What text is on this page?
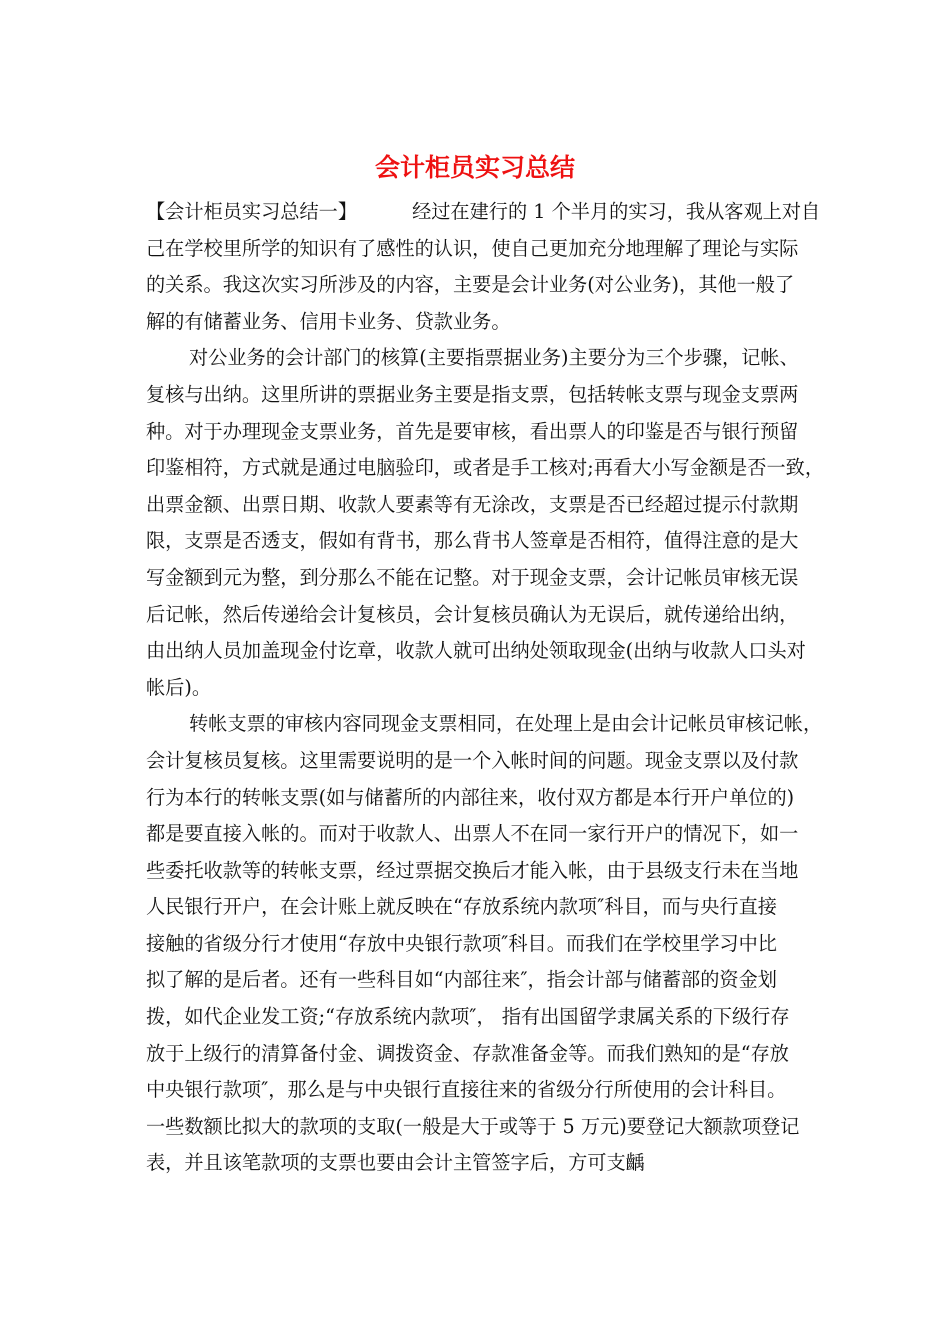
会计柜员实习总结
【会计柜员实习总结一】	经过在建行的 1 个半月的实习，我从客观上对自
己在学校里所学的知识有了感性的认识，使自己更加充分地理解了理论与实际
的关系。我这次实习所涉及的内容，主要是会计业务(对公业务)，其他一般了
解的有储蓄业务、信用卡业务、贷款业务。
对公业务的会计部门的核算(主要指票据业务)主要分为三个步骤，记帐、
复核与出纳。这里所讲的票据业务主要是指支票，包括转帐支票与现金支票两
种。对于办理现金支票业务，首先是要审核，看出票人的印鉴是否与银行预留
印鉴相符，方式就是通过电脑验印，或者是手工核对;再看大小写金额是否一致，
出票金额、出票日期、收款人要素等有无涂改，支票是否已经超过提示付款期
限，支票是否透支，假如有背书，那么背书人签章是否相符，值得注意的是大
写金额到元为整，到分那么不能在记整。对于现金支票，会计记帐员审核无误
后记帐，然后传递给会计复核员，会计复核员确认为无误后，就传递给出纳，
由出纳人员加盖现金付讫章，收款人就可出纳处领取现金(出纳与收款人口头对
帐后)。
转帐支票的审核内容同现金支票相同，在处理上是由会计记帐员审核记帐，
会计复核员复核。这里需要说明的是一个入帐时间的问题。现金支票以及付款
行为本行的转帐支票(如与储蓄所的内部往来，收付双方都是本行开户单位的)
都是要直接入帐的。而对于收款人、出票人不在同一家行开户的情况下，如一
些委托收款等的转帐支票，经过票据交换后才能入帐，由于县级支行未在当地
人民银行开户，在会计账上就反映在“存放系统内款项″科目，而与央行直接
接触的省级分行才使用“存放中央银行款项″科目。而我们在学校里学习中比
拟了解的是后者。还有一些科目如“内部往来″，指会计部与储蓄部的资金划
拨，如代企业发工资;“存放系统内款项″， 指有出国留学隶属关系的下级行存
放于上级行的清算备付金、调拨资金、存款准备金等。而我们熟知的是“存放
中央银行款项″，那么是与中央银行直接往来的省级分行所使用的会计科目。
一些数额比拟大的款项的支取(一般是大于或等于 5 万元)要登记大额款项登记
表，并且该笔款项的支票也要由会计主管签字后，方可支齲
